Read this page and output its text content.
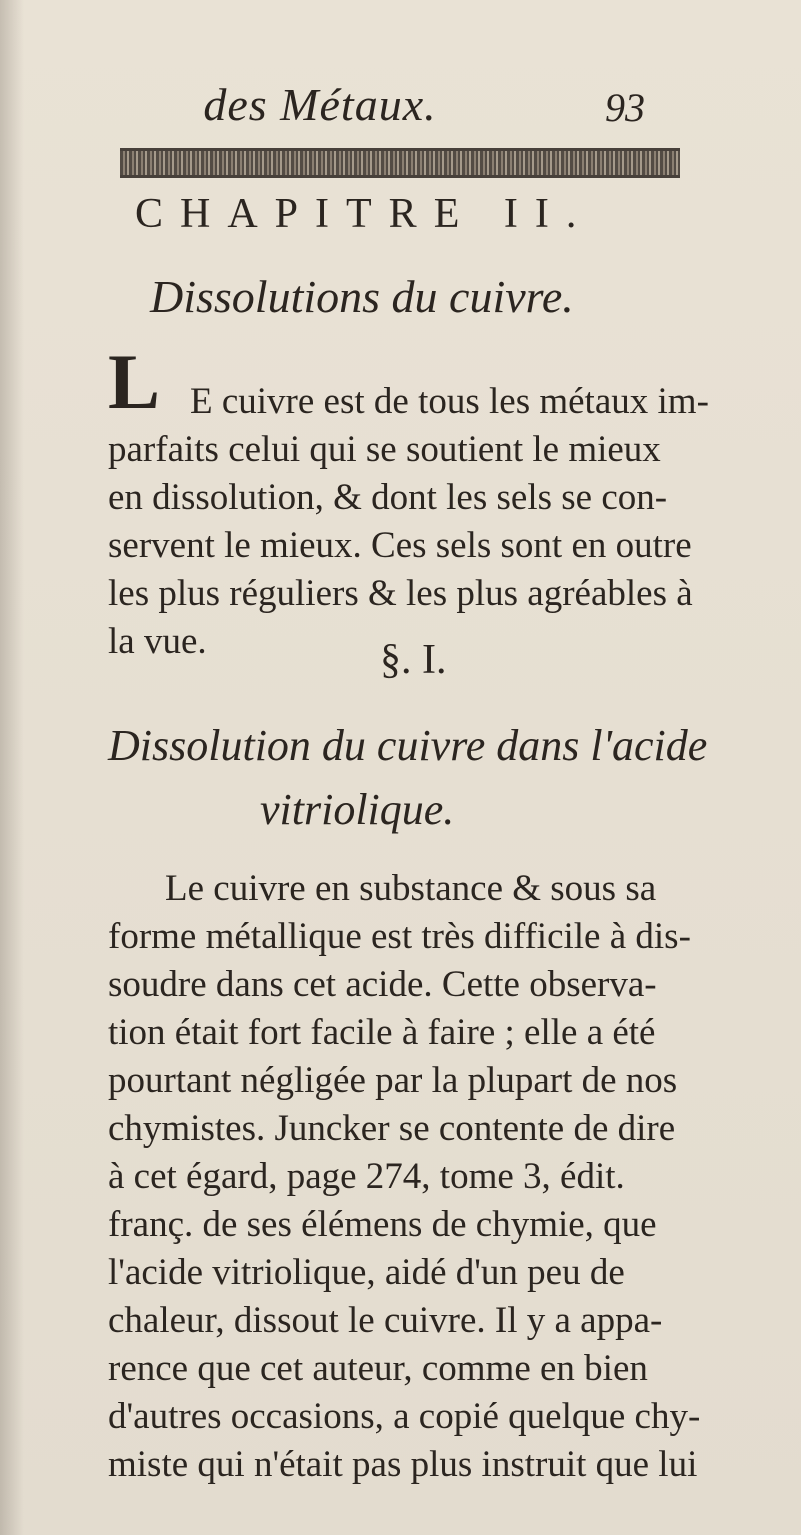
des Métaux.	93
CHAPITRE II.
Dissolutions du cuivre.
L E cuivre est de tous les métaux im-
parfaits celui qui se soutient le mieux
en dissolution, & dont les sels se con-
servent le mieux. Ces sels sont en outre
les plus réguliers & les plus agréables à
la vue.	§. I.
Dissolution du cuivre dans l'acide
vitriolique.
Le cuivre en substance & sous sa
forme métallique est très difficile à dis-
soudre dans cet acide. Cette observa-
tion était fort facile à faire ; elle a été
pourtant négligée par la plupart de nos
chymistes. Juncker se contente de dire
à cet égard, page 274, tome 3, édit.
franç. de ses élémens de chymie, que
l'acide vitriolique, aidé d'un peu de
chaleur, dissout le cuivre. Il y a appa-
rence que cet auteur, comme en bien
d'autres occasions, a copié quelque chy-
miste qui n'était pas plus instruit que lui
